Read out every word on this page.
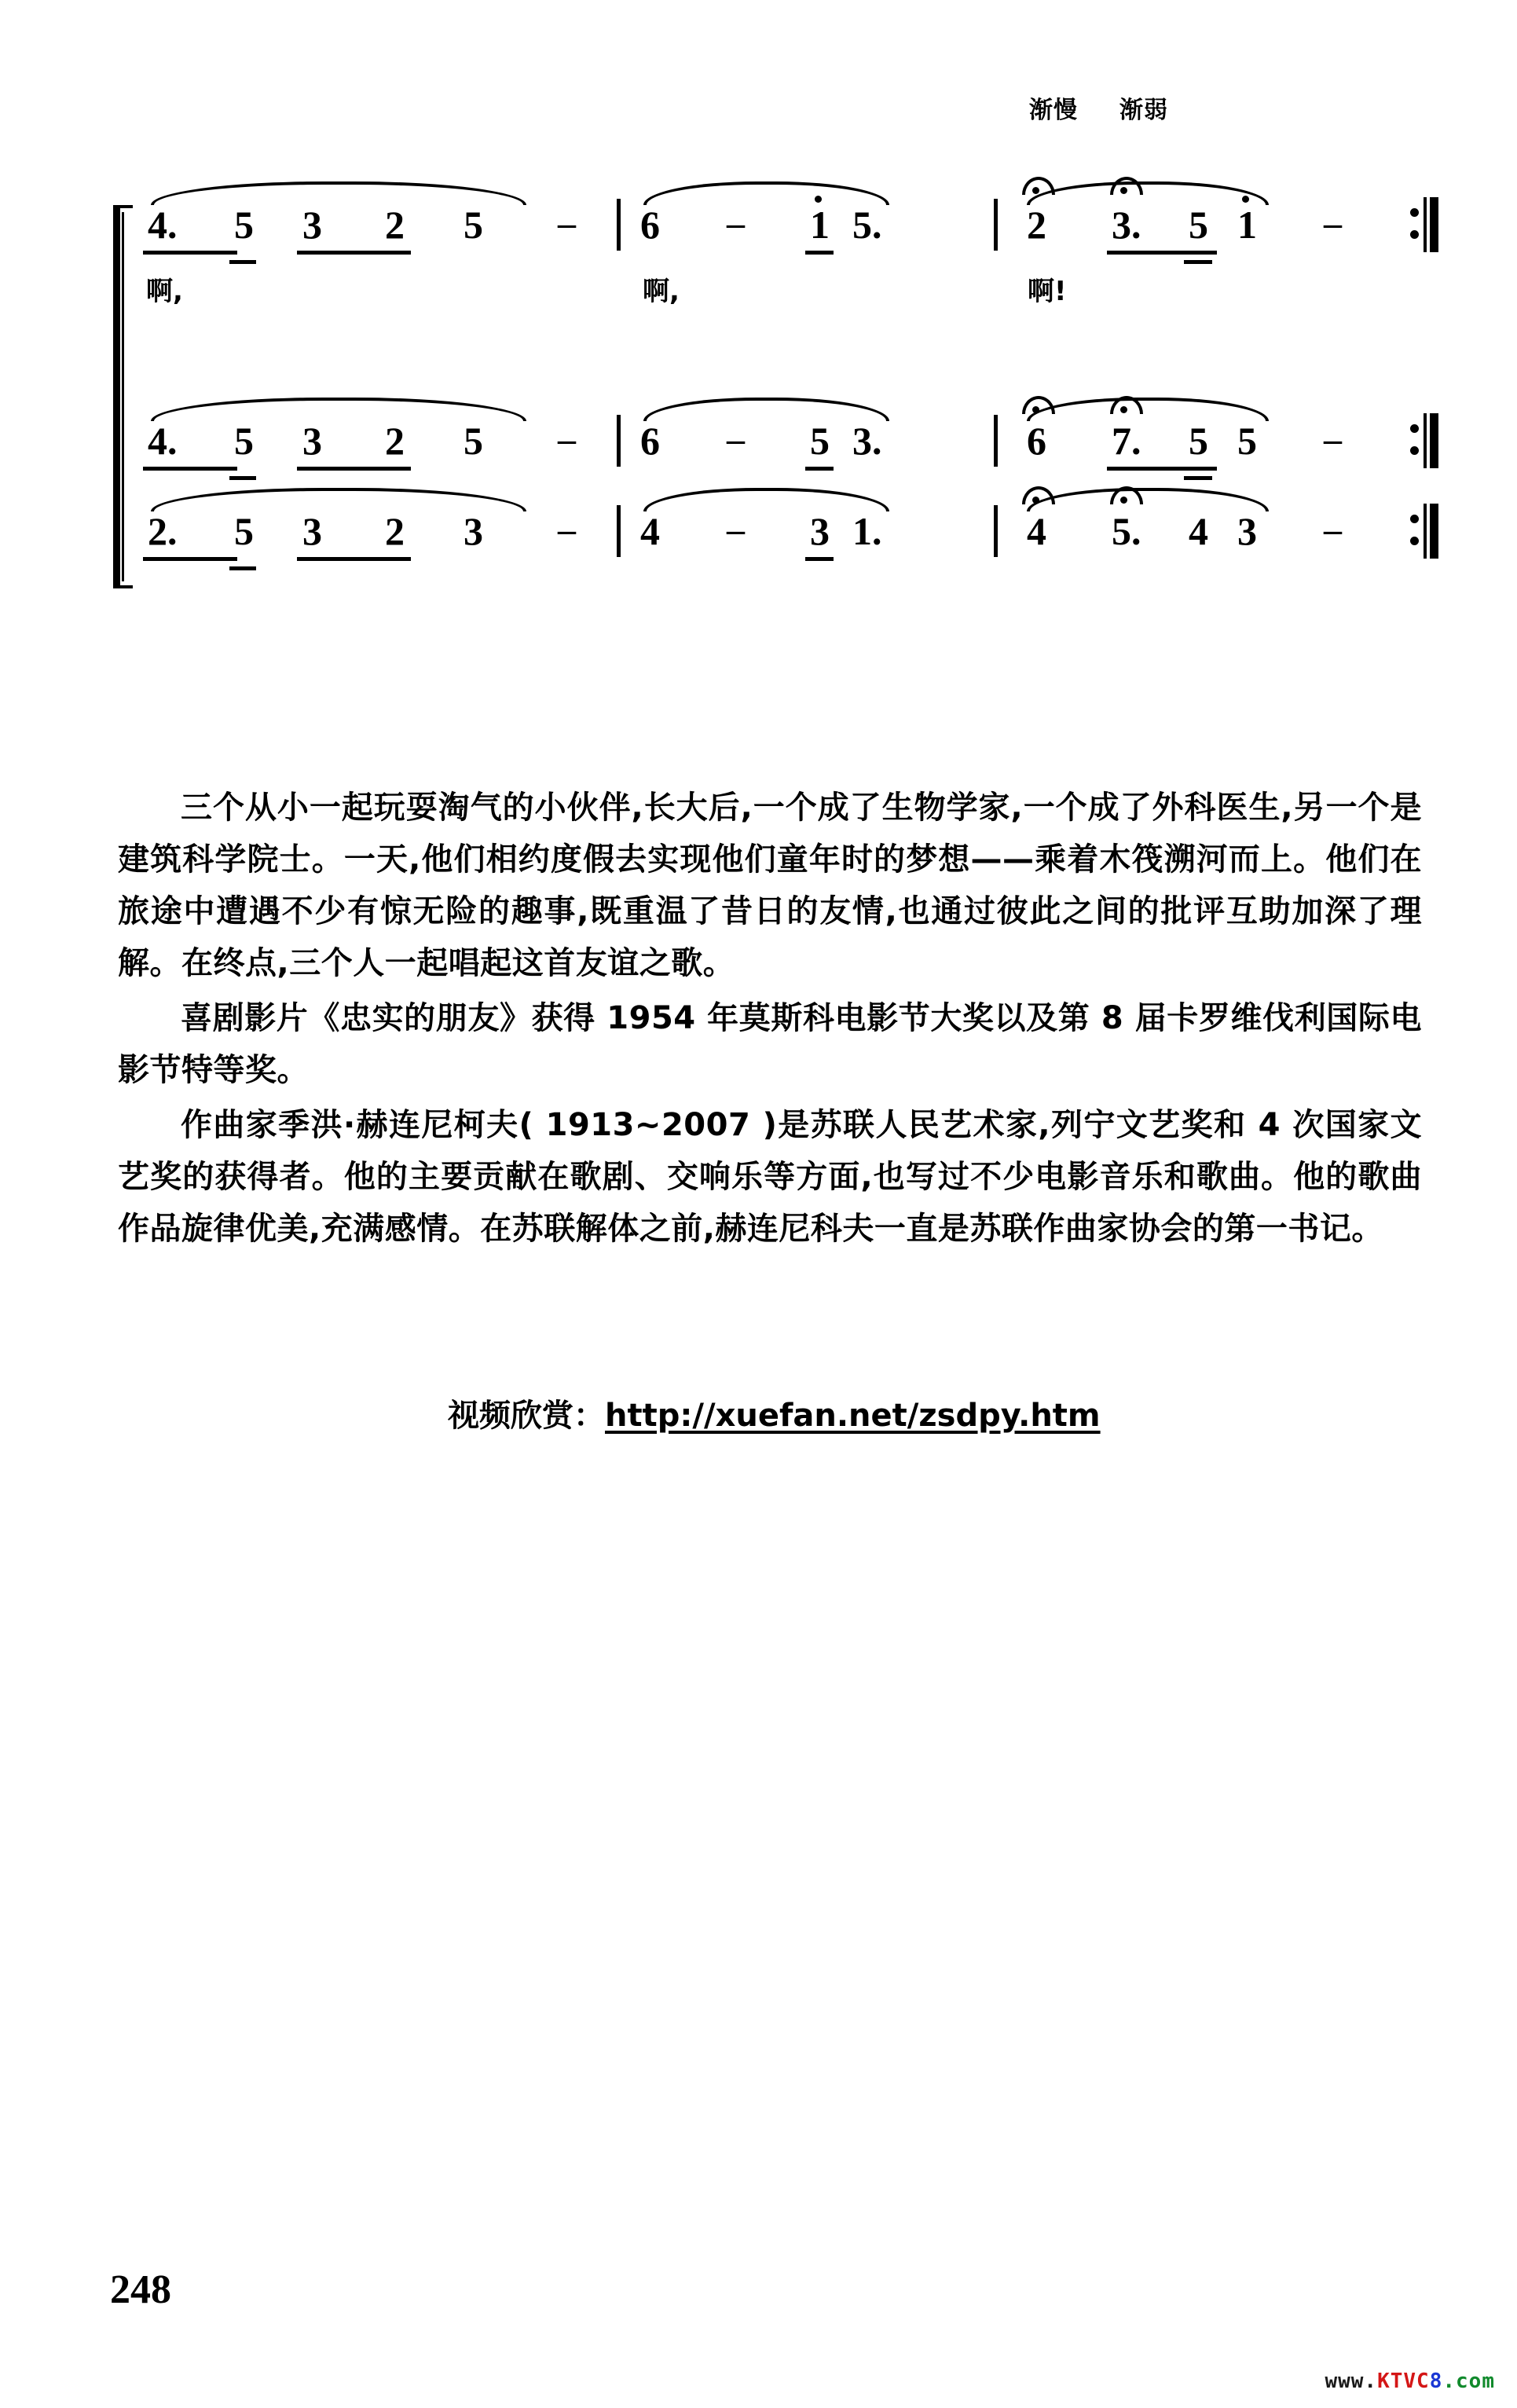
渐慢 渐弱
4. 5 3 2 5 – 6 – 1 5.	2 3. 5 1 –
啊,	啊,	啊!
4. 5 3 2 5 – 6 – 5 3.	6 7. 5 5 –
2. 5 3 2 3 – 4 – 3 1.	4 5. 4 3 –

三个从小一起玩耍淘气的小伙伴,长大后,一个成了生物学家,一个成了外科医生,另一个是建筑科学院士。一天,他们相约度假去实现他们童年时的梦想——乘着木筏溯河而上。他们在旅途中遭遇不少有惊无险的趣事,既重温了昔日的友情,也通过彼此之间的批评互助加深了理解。在终点,三个人一起唱起这首友谊之歌。

喜剧影片《忠实的朋友》获得 1954 年莫斯科电影节大奖以及第 8 届卡罗维伐利国际电影节特等奖。

作曲家季洪·赫连尼柯夫( 1913~2007 )是苏联人民艺术家,列宁文艺奖和 4 次国家文艺奖的获得者。他的主要贡献在歌剧、交响乐等方面,也写过不少电影音乐和歌曲。他的歌曲作品旋律优美,充满感情。在苏联解体之前,赫连尼科夫一直是苏联作曲家协会的第一书记。

视频欣赏：http://xuefan.net/zsdpy.htm
248
www.KTVC8.com
